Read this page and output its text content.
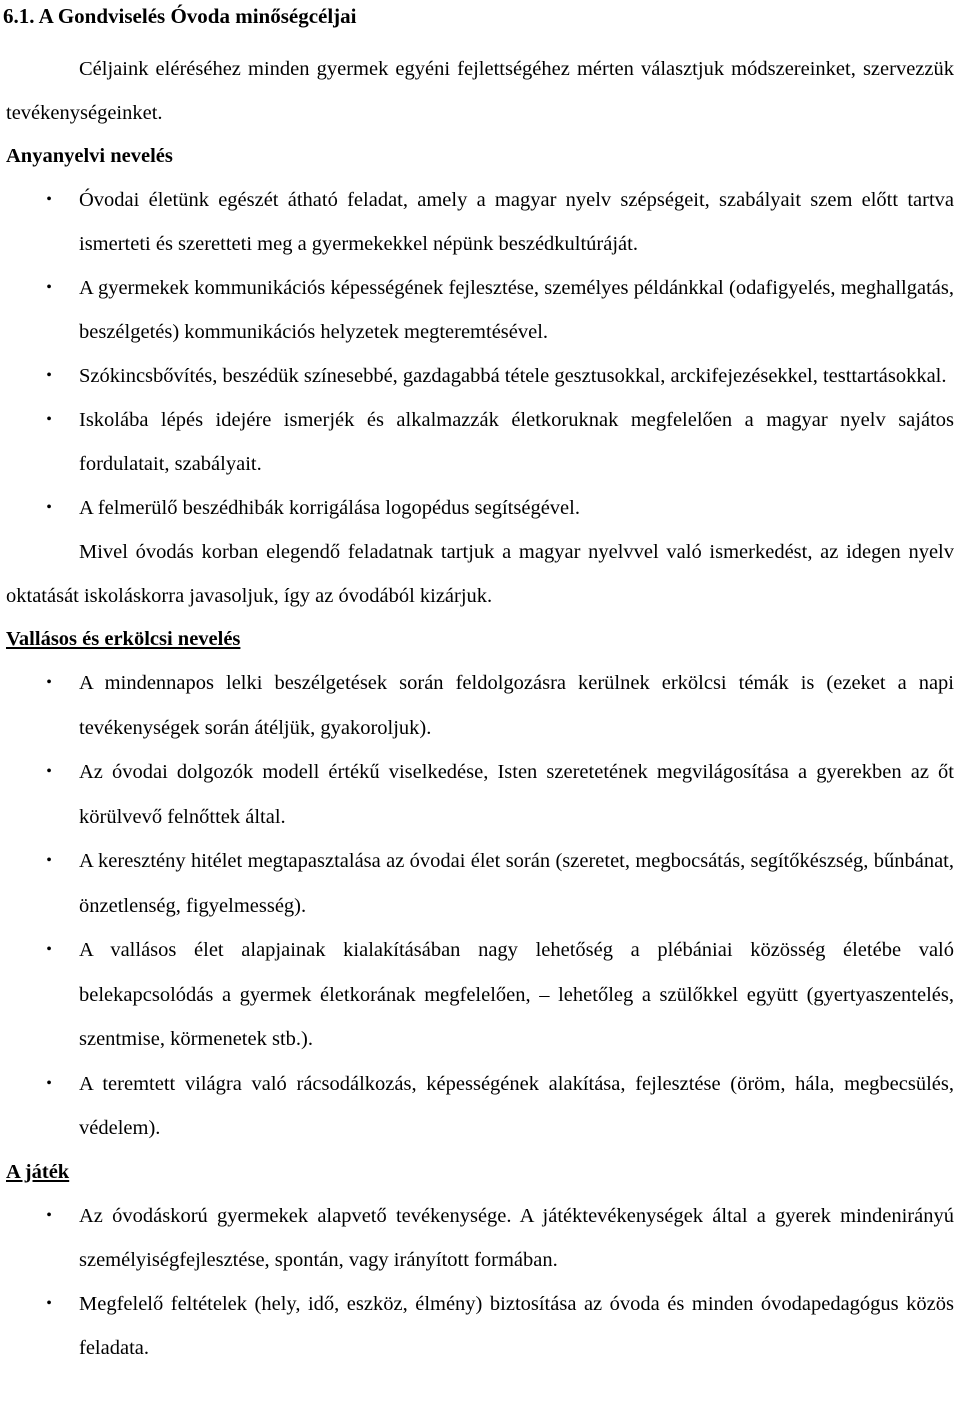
6.1. A Gondviselés Óvoda minőségcéljai

Céljaink eléréséhez minden gyermek egyéni fejlettségéhez mérten választjuk módszereinket, szervezzük tevékenységeinket.

Anyanyelvi nevelés
• Óvodai életünk egészét átható feladat, amely a magyar nyelv szépségeit, szabályait szem előtt tartva ismerteti és szeretteti meg a gyermekekkel népünk beszédkultúráját.
• A gyermekek kommunikációs képességének fejlesztése, személyes példánkkal (odafigyelés, meghallgatás, beszélgetés) kommunikációs helyzetek megteremtésével.
• Szókincsbővítés, beszédük színesebbé, gazdagabbá tétele gesztusokkal, arckifejezésekkel, testtartásokkal.
• Iskolába lépés idejére ismerjék és alkalmazzák életkoruknak megfelelően a magyar nyelv sajátos fordulatait, szabályait.
• A felmerülő beszédhibák korrigálása logopédus segítségével.

Mivel óvodás korban elegendő feladatnak tartjuk a magyar nyelvvel való ismerkedést, az idegen nyelv oktatását iskoláskorra javasoljuk, így az óvodából kizárjuk.

Vallásos és erkölcsi nevelés
• A mindennapos lelki beszélgetések során feldolgozásra kerülnek erkölcsi témák is (ezeket a napi tevékenységek során átéljük, gyakoroljuk).
• Az óvodai dolgozók modell értékű viselkedése, Isten szeretetének megvilágosítása a gyerekben az őt körülvevő felnőttek által.
• A keresztény hitélet megtapasztalása az óvodai élet során (szeretet, megbocsátás, segítőkészség, bűnbánat, önzetlenség, figyelmesség).
• A vallásos élet alapjainak kialakításában nagy lehetőség a plébániai közösség életébe való belekapcsolódás a gyermek életkorának megfelelően, – lehetőleg a szülőkkel együtt (gyertyaszentelés, szentmise, körmenetek stb.).
• A teremtett világra való rácsodálkozás, képességének alakítása, fejlesztése (öröm, hála, megbecsülés, védelem).
A játék
• Az óvodáskorú gyermekek alapvető tevékenysége. A játéktevékenységek által a gyerek mindenirányú személyiségfejlesztése, spontán, vagy irányított formában.
• Megfelelő feltételek (hely, idő, eszköz, élmény) biztosítása az óvoda és minden óvodapedagógus közös feladata.
